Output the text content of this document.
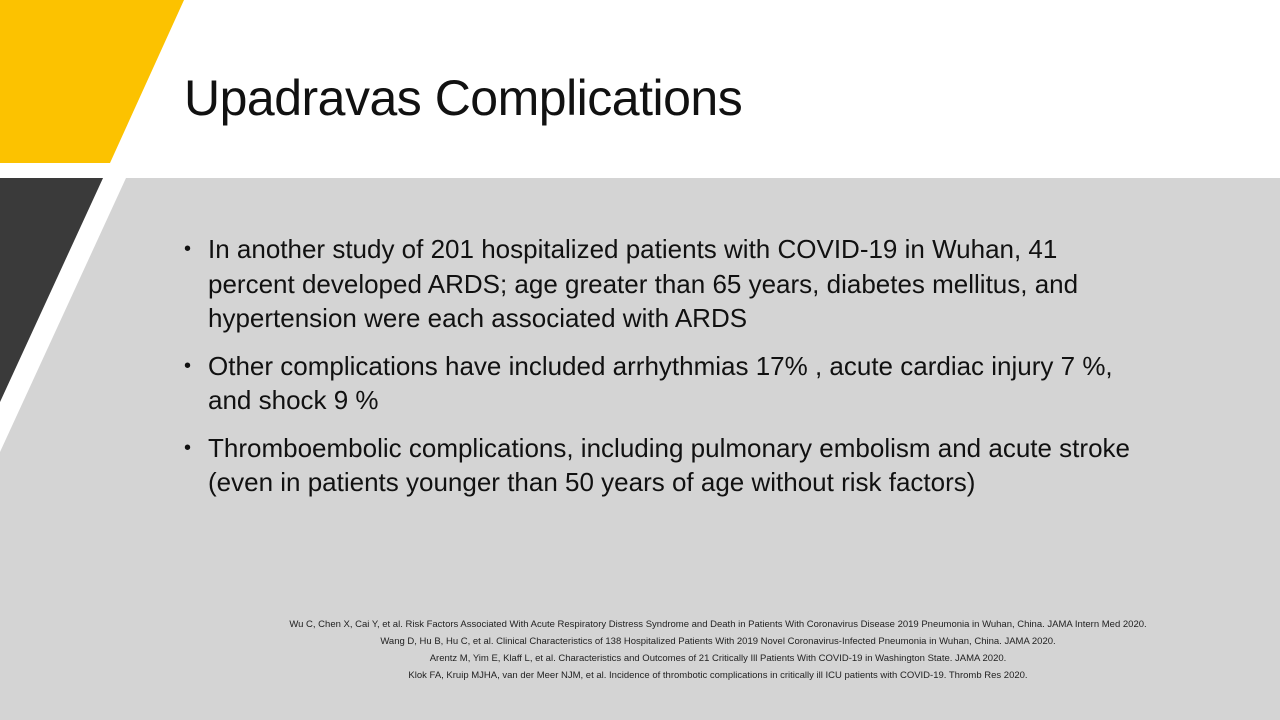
Upadravas Complications
• In another study of 201 hospitalized patients with COVID-19 in Wuhan, 41 percent developed ARDS; age greater than 65 years, diabetes mellitus, and hypertension were each associated with ARDS
• Other complications have included arrhythmias 17% , acute cardiac injury 7 %, and shock 9 %
• Thromboembolic complications, including pulmonary embolism and acute stroke (even in patients younger than 50 years of age without risk factors)

Wu C, Chen X, Cai Y, et al. Risk Factors Associated With Acute Respiratory Distress Syndrome and Death in Patients With Coronavirus Disease 2019 Pneumonia in Wuhan, China. JAMA Intern Med 2020.

Wang D, Hu B, Hu C, et al. Clinical Characteristics of 138 Hospitalized Patients With 2019 Novel Coronavirus-Infected Pneumonia in Wuhan, China. JAMA 2020.

Arentz M, Yim E, Klaff L, et al. Characteristics and Outcomes of 21 Critically Ill Patients With COVID-19 in Washington State. JAMA 2020.

Klok FA, Kruip MJHA, van der Meer NJM, et al. Incidence of thrombotic complications in critically ill ICU patients with COVID-19. Thromb Res 2020.
